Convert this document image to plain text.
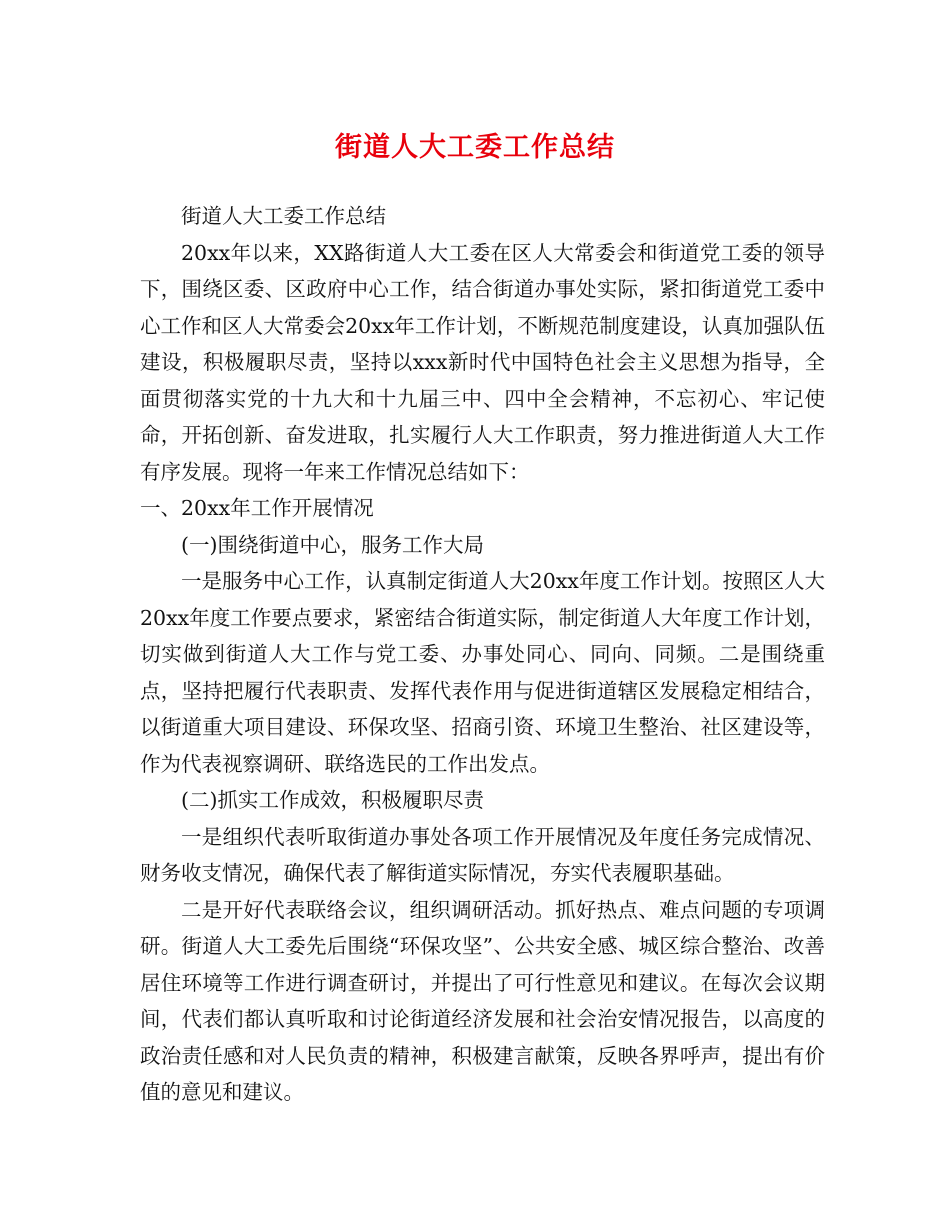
街道人大工委工作总结

街道人大工委工作总结

20xx年以来，XX路街道人大工委在区人大常委会和街道党工委的领导下，围绕区委、区政府中心工作，结合街道办事处实际，紧扣街道党工委中心工作和区人大常委会20xx年工作计划，不断规范制度建设，认真加强队伍建设，积极履职尽责，坚持以xxx新时代中国特色社会主义思想为指导，全面贯彻落实党的十九大和十九届三中、四中全会精神，不忘初心、牢记使命，开拓创新、奋发进取，扎实履行人大工作职责，努力推进街道人大工作有序发展。现将一年来工作情况总结如下：

一、20xx年工作开展情况

(一)围绕街道中心，服务工作大局

一是服务中心工作，认真制定街道人大20xx年度工作计划。按照区人大20xx年度工作要点要求，紧密结合街道实际，制定街道人大年度工作计划，切实做到街道人大工作与党工委、办事处同心、同向、同频。二是围绕重点，坚持把履行代表职责、发挥代表作用与促进街道辖区发展稳定相结合，以街道重大项目建设、环保攻坚、招商引资、环境卫生整治、社区建设等，作为代表视察调研、联络选民的工作出发点。

(二)抓实工作成效，积极履职尽责

一是组织代表听取街道办事处各项工作开展情况及年度任务完成情况、财务收支情况，确保代表了解街道实际情况，夯实代表履职基础。

二是开好代表联络会议，组织调研活动。抓好热点、难点问题的专项调研。街道人大工委先后围绕“环保攻坚”、公共安全感、城区综合整治、改善居住环境等工作进行调查研讨，并提出了可行性意见和建议。在每次会议期间，代表们都认真听取和讨论街道经济发展和社会治安情况报告，以高度的政治责任感和对人民负责的精神，积极建言献策，反映各界呼声，提出有价值的意见和建议。
